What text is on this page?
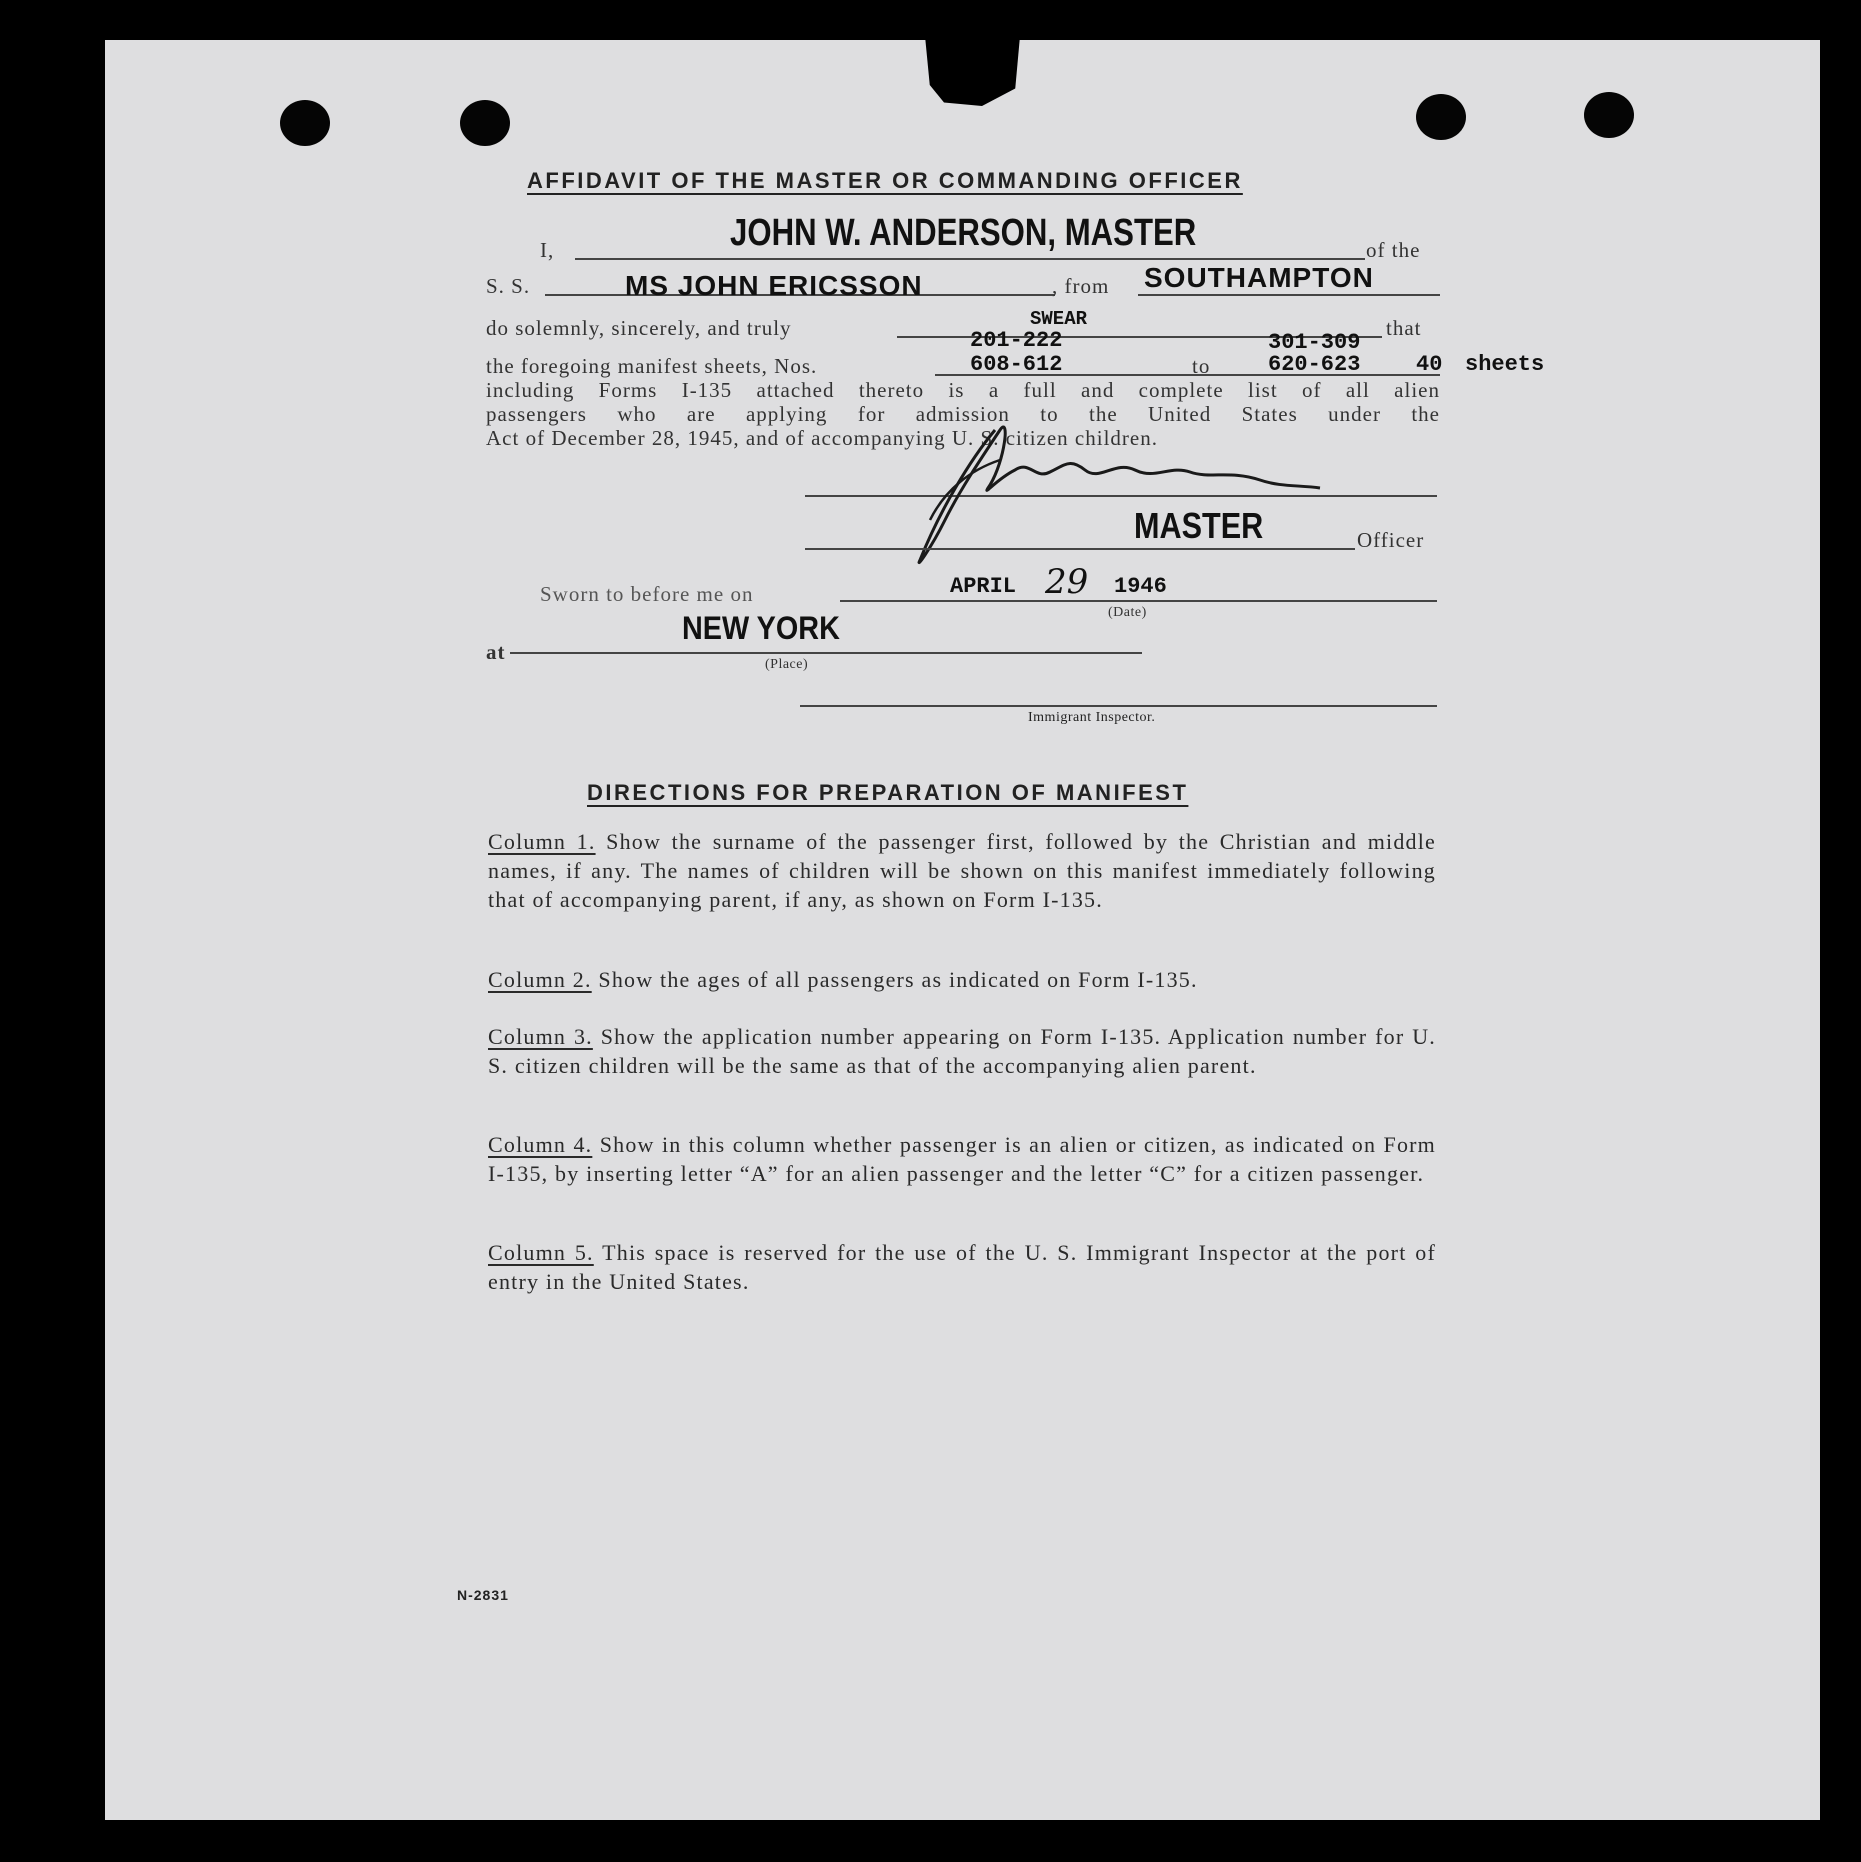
AFFIDAVIT OF THE MASTER OR COMMANDING OFFICER
I,	JOHN W. ANDERSON, MASTER	of the
S. S.	MS JOHN ERICSSON	, from SOUTHAMPTON
do solemnly, sincerely, and truly	SWEAR	that
201-222	301-309
the foregoing manifest sheets, Nos.	608-612	to	620-623	40 sheets
including Forms I-135 attached thereto is a full and complete list of all alien
passengers who are applying for admission to the United States under the
Act of December 28, 1945, and of accompanying U. S. citizen children.
MASTER	Officer
Sworn to before me on	APRIL 29 1946
(Date)
at
NEW YORK
(Place)
Immigrant Inspector.
DIRECTIONS FOR PREPARATION OF MANIFEST
Column 1. Show the surname of the passenger first, followed by the Christian and middle names, if any. The names of children will be shown on this manifest immediately following that of accompanying parent, if any, as shown on Form I-135.
Column 2. Show the ages of all passengers as indicated on Form I-135.
Column 3. Show the application number appearing on Form I-135. Application number for U. S. citizen children will be the same as that of the accompanying alien parent.
Column 4. Show in this column whether passenger is an alien or citizen, as indicated on Form I-135, by inserting letter “A” for an alien passenger and the letter “C” for a citizen passenger.
Column 5. This space is reserved for the use of the U. S. Immigrant Inspector at the port of entry in the United States.
N-2831
